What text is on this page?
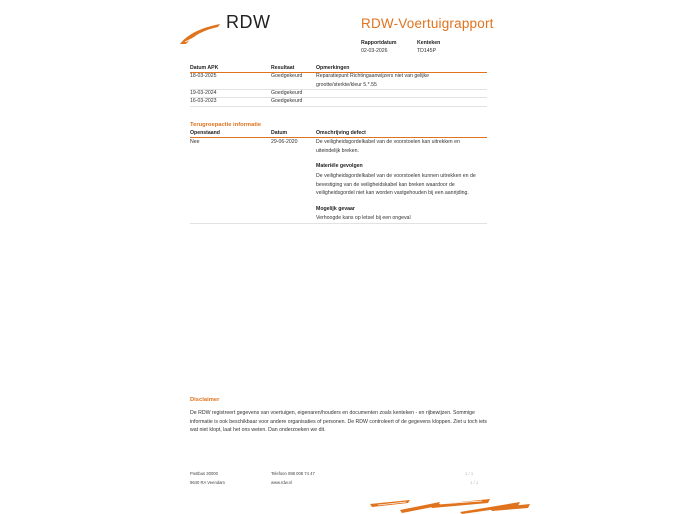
RDW	RDW-Voertuigrapport
Rapportdatum
02-03-2026
Kenteken
TD145P
Datum APK	Resultaat	Opmerkingen
18-03-2025	Goedgekeurd	Reparatiepunt Richtingaanwijzers niet van gelijke grootte/sterkte/kleur 5.*.55
19-03-2024	Goedgekeurd
16-03-2023	Goedgekeurd
Terugroepactie informatie
Openstaand	Datum	Omschrijving defect
Nee	29-06-2020	De veiligheidsgordelkabel van de voorstoelen kan uitrekken en uiteindelijk breken.
Materiële gevolgen
De veiligheidsgordelkabel van de voorstoelen kunnen uitrekken en de bevestiging van de veiligheidskabel kan breken waardoor de veiligheidsgordel niet kan worden vastgehouden bij een aanrijding.
Mogelijk gevaar
Verhoogde kans op letsel bij een ongeval
Disclaimer
De RDW registreert gegevens van voertuigen, eigenaren/houders en documenten zoals kenteken - en rijbewijzen. Sommige informatie is ook beschikbaar voor andere organisaties of personen. De RDW controleert of de gegevens kloppen. Ziet u toch iets wat niet klopt, laat het ons weten. Dan onderzoeken we dit.
Postbus 30000
9640 RA Veendam
Telefoon 088 008 74 47
www.rdw.nl
1 / 1
1 / 1
